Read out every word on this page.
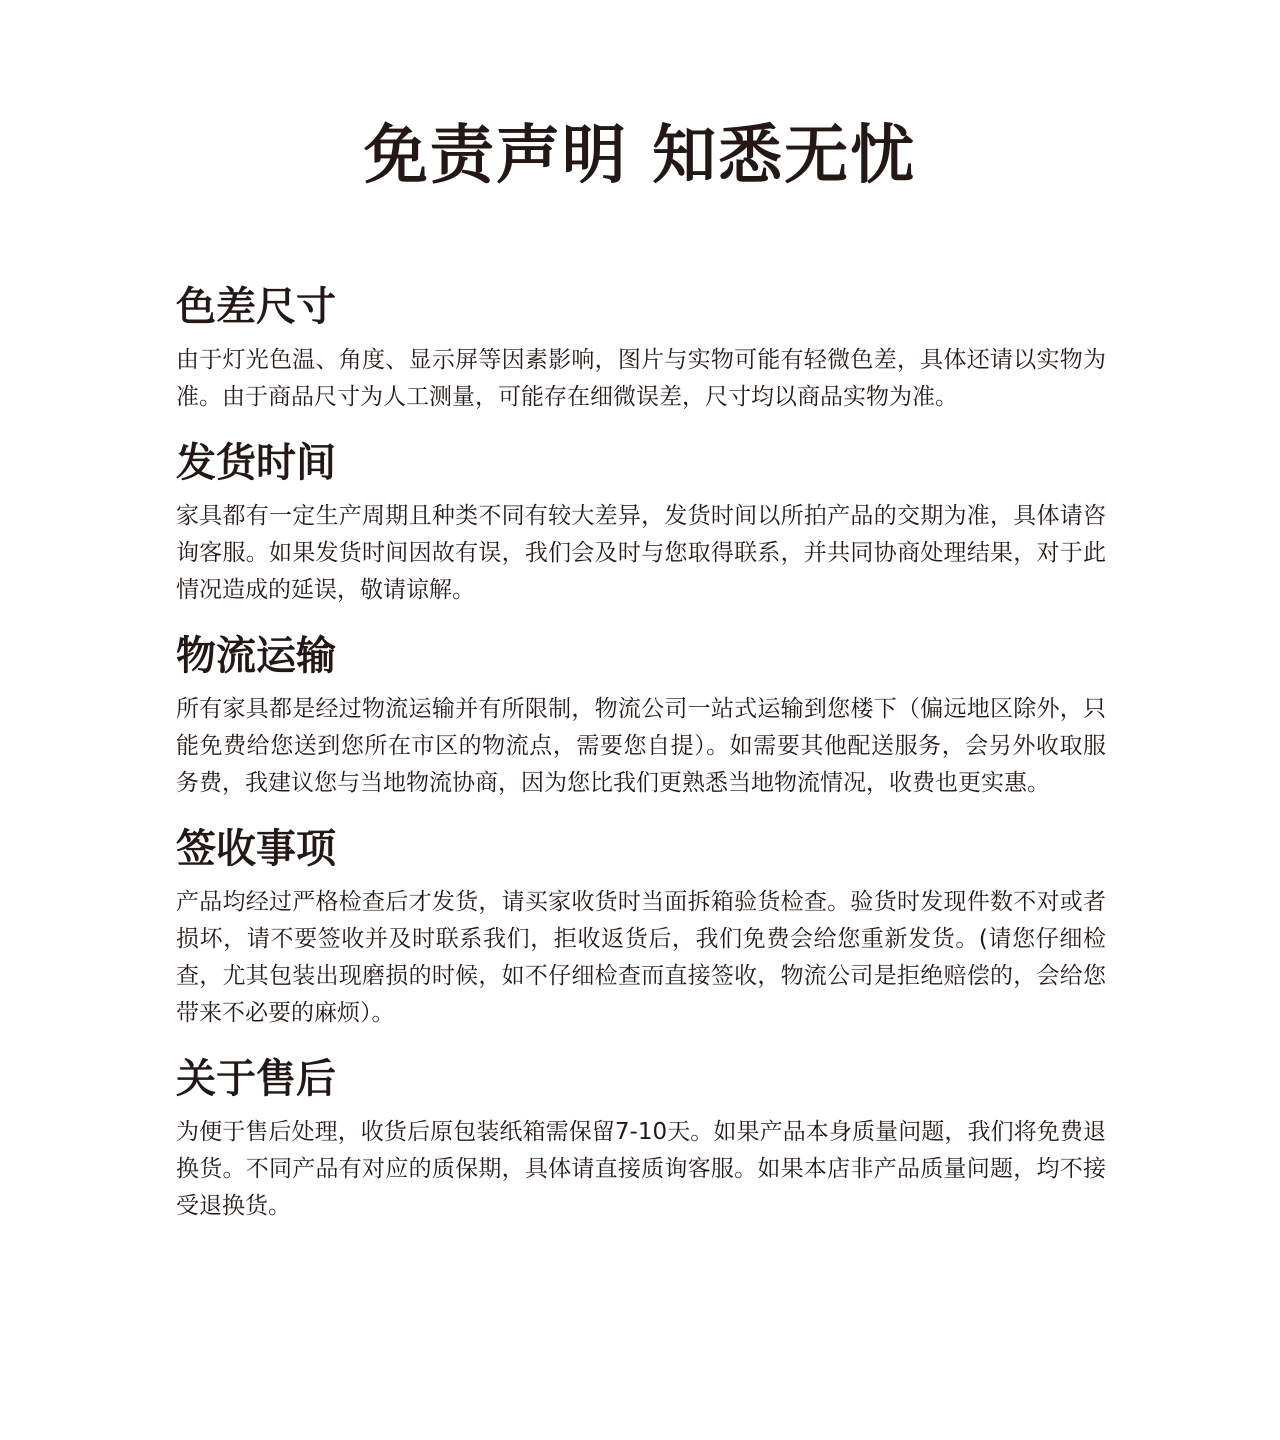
免责声明 知悉无忧
色差尺寸

由于灯光色温、角度、显示屏等因素影响，图片与实物可能有轻微色差，具体还请以实物为准。由于商品尺寸为人工测量，可能存在细微误差，尺寸均以商品实物为准。

发货时间

家具都有一定生产周期且种类不同有较大差异，发货时间以所拍产品的交期为准，具体请咨询客服。如果发货时间因故有误，我们会及时与您取得联系，并共同协商处理结果，对于此情况造成的延误，敬请谅解。

物流运输

所有家具都是经过物流运输并有所限制，物流公司一站式运输到您楼下（偏远地区除外，只能免费给您送到您所在市区的物流点，需要您自提）。如需要其他配送服务，会另外收取服务费，我建议您与当地物流协商，因为您比我们更熟悉当地物流情况，收费也更实惠。

签收事项

产品均经过严格检查后才发货，请买家收货时当面拆箱验货检查。验货时发现件数不对或者损坏，请不要签收并及时联系我们，拒收返货后，我们免费会给您重新发货。(请您仔细检查，尤其包装出现磨损的时候，如不仔细检查而直接签收，物流公司是拒绝赔偿的，会给您带来不必要的麻烦）。

关于售后

为便于售后处理，收货后原包装纸箱需保留7-10天。如果产品本身质量问题，我们将免费退换货。不同产品有对应的质保期，具体请直接质询客服。如果本店非产品质量问题，均不接受退换货。
